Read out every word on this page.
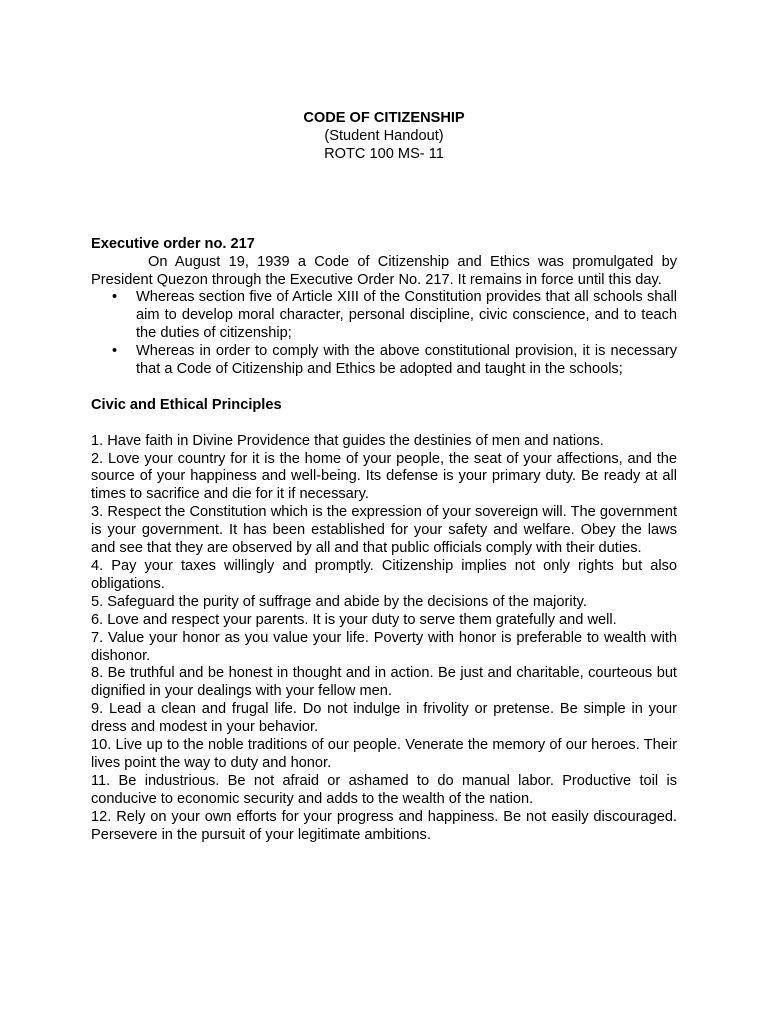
CODE OF CITIZENSHIP
(Student Handout)
ROTC 100 MS- 11
Executive order no. 217

On August 19, 1939 a Code of Citizenship and Ethics was promulgated by President Quezon through the Executive Order No. 217. It remains in force until this day.

• Whereas section five of Article XIII of the Constitution provides that all schools shall aim to develop moral character, personal discipline, civic conscience, and to teach the duties of citizenship;
• Whereas in order to comply with the above constitutional provision, it is necessary that a Code of Citizenship and Ethics be adopted and taught in the schools;
Civic and Ethical Principles
1. Have faith in Divine Providence that guides the destinies of men and nations.
2. Love your country for it is the home of your people, the seat of your affections, and the source of your happiness and well-being. Its defense is your primary duty. Be ready at all times to sacrifice and die for it if necessary.
3. Respect the Constitution which is the expression of your sovereign will. The government is your government. It has been established for your safety and welfare. Obey the laws and see that they are observed by all and that public officials comply with their duties.
4. Pay your taxes willingly and promptly. Citizenship implies not only rights but also obligations.
5. Safeguard the purity of suffrage and abide by the decisions of the majority.
6. Love and respect your parents. It is your duty to serve them gratefully and well.
7. Value your honor as you value your life. Poverty with honor is preferable to wealth with dishonor.
8. Be truthful and be honest in thought and in action. Be just and charitable, courteous but dignified in your dealings with your fellow men.
9. Lead a clean and frugal life. Do not indulge in frivolity or pretense. Be simple in your dress and modest in your behavior.
10. Live up to the noble traditions of our people. Venerate the memory of our heroes. Their lives point the way to duty and honor.
11. Be industrious. Be not afraid or ashamed to do manual labor. Productive toil is conducive to economic security and adds to the wealth of the nation.
12. Rely on your own efforts for your progress and happiness. Be not easily discouraged. Persevere in the pursuit of your legitimate ambitions.
